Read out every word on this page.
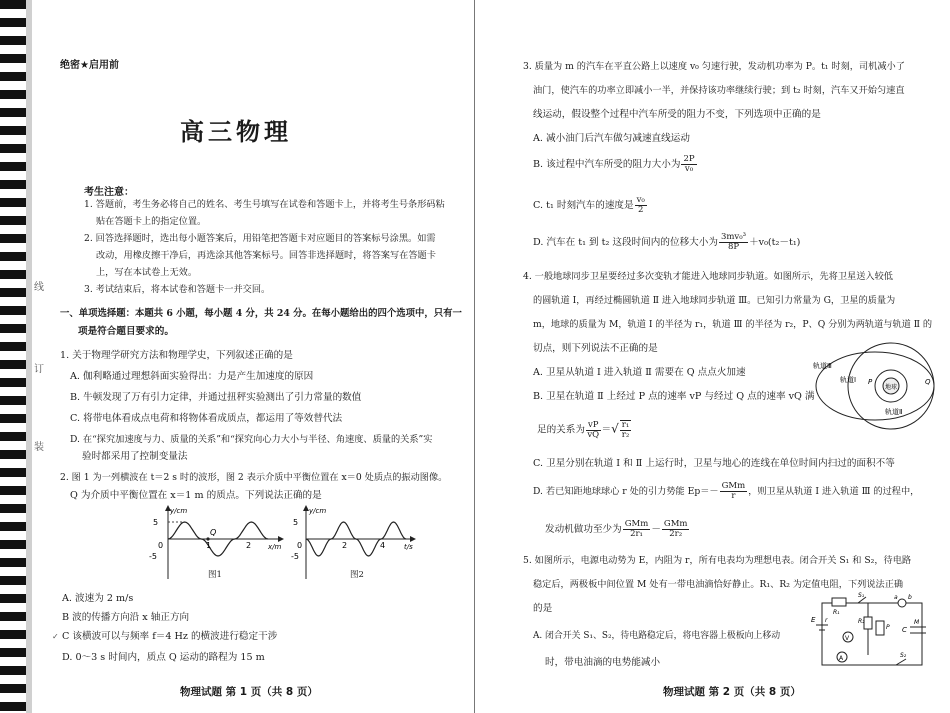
线
订
装
绝密★启用前
高三物理
考生注意：
1. 答题前，考生务必将自己的姓名、考生号填写在试卷和答题卡上，并将考生号条形码粘
贴在答题卡上的指定位置。
2. 回答选择题时，选出每小题答案后，用铅笔把答题卡对应题目的答案标号涂黑。如需
改动，用橡皮擦干净后，再选涂其他答案标号。回答非选择题时，将答案写在答题卡
上，写在本试卷上无效。
3. 考试结束后，将本试卷和答题卡一并交回。
一、单项选择题：本题共 6 小题，每小题 4 分，共 24 分。在每小题给出的四个选项中，只有一
项是符合题目要求的。
1. 关于物理学研究方法和物理学史，下列叙述正确的是
A. 伽利略通过理想斜面实验得出：力是产生加速度的原因
B. 牛顿发现了万有引力定律，并通过扭秤实验测出了引力常量的数值
C. 将带电体看成点电荷和将物体看成质点，都运用了等效替代法
D. 在“探究加速度与力、质量的关系”和“探究向心力大小与半径、角速度、质量的关系”实
验时都采用了控制变量法
2. 图 1 为一列横波在 t＝2 s 时的波形，图 2 表示介质中平衡位置在 x＝0 处质点的振动图像。
Q 为介质中平衡位置在 x＝1 m 的质点。下列说法正确的是
5
-5
0
y/cm
x/m
1	2
Q
图1
5
-5
0
y/cm
t/s
2	4
图2
A. 波速为 2 m/s
B 波的传播方向沿 x 轴正方向
✓ C 该横波可以与频率 f＝4 Hz 的横波进行稳定干涉
D. 0～3 s 时间内，质点 Q 运动的路程为 15 m
物理试题 第 1 页（共 8 页）
3. 质量为 m 的汽车在平直公路上以速度 v₀ 匀速行驶，发动机功率为 P。t₁ 时刻，司机减小了
油门，使汽车的功率立即减小一半，并保持该功率继续行驶；到 t₂ 时刻，汽车又开始匀速直
线运动，假设整个过程中汽车所受的阻力不变，下列选项中正确的是
A. 减小油门后汽车做匀减速直线运动
B. 该过程中汽车所受的阻力大小为 $\frac{2P}{\text{v₀}}$
C. t₁ 时刻汽车的速度是 $\frac{\text{v₀}}{2}$
D. 汽车在 t₁ 到 t₂ 这段时间内的位移大小为 $\frac{\text{3mv₀³}}{8P} +v_0(t_2-t_1)$
4. 一般地球同步卫星要经过多次变轨才能进入地球同步轨道。如图所示，先将卫星送入较低
的圆轨道 Ⅰ，再经过椭圆轨道 Ⅱ 进入地球同步轨道 Ⅲ。已知引力常量为 G，卫星的质量为
m，地球的质量为 M，轨道 Ⅰ 的半径为 r₁，轨道 Ⅲ 的半径为 r₂，P、Q 分别为两轨道与轨道 Ⅱ 的
切点，则下列说法不正确的是
A. 卫星从轨道 Ⅰ 进入轨道 Ⅱ 需要在 Q 点点火加速
B. 卫星在轨道 Ⅱ 上经过 P 点的速率 vP 与经过 Q 点的速率 vQ 满
足的关系为 $\frac{vP}{vQ}$ ＝√ $\frac{\text{r₁}}{\text{r₂}}$
轨道Ⅲ
轨道Ⅰ
轨道Ⅱ
地球
P	Q
C. 卫星分别在轨道 Ⅰ 和 Ⅱ 上运行时，卫星与地心的连线在单位时间内扫过的面积不等
D. 若已知距地球球心 r 处的引力势能 $Ep=- \frac{\text{GMm}}{r}$ ，则卫星从轨道 Ⅰ 进入轨道 Ⅲ 的过程中，
发动机做功至少为 $\frac{\text{GMm}}{\text{2r₁}} - \frac{\text{GMm}}{\text{2r₂}}$
5. 如图所示，电源电动势为 E，内阻为 r，所有电表均为理想电表。闭合开关 S₁ 和 S₂，待电路
稳定后，两极板中间位置 M 处有一带电油滴恰好静止。R₁、R₂ 为定值电阻，下列说法正确
的是
A. 闭合开关 S₁、S₂，待电路稳定后，将电容器上极板向上移动
时，带电油滴的电势能减小
E r
R₁
R₂
S₁
S₂
C
M
A
V
P
a b
物理试题 第 2 页（共 8 页）
